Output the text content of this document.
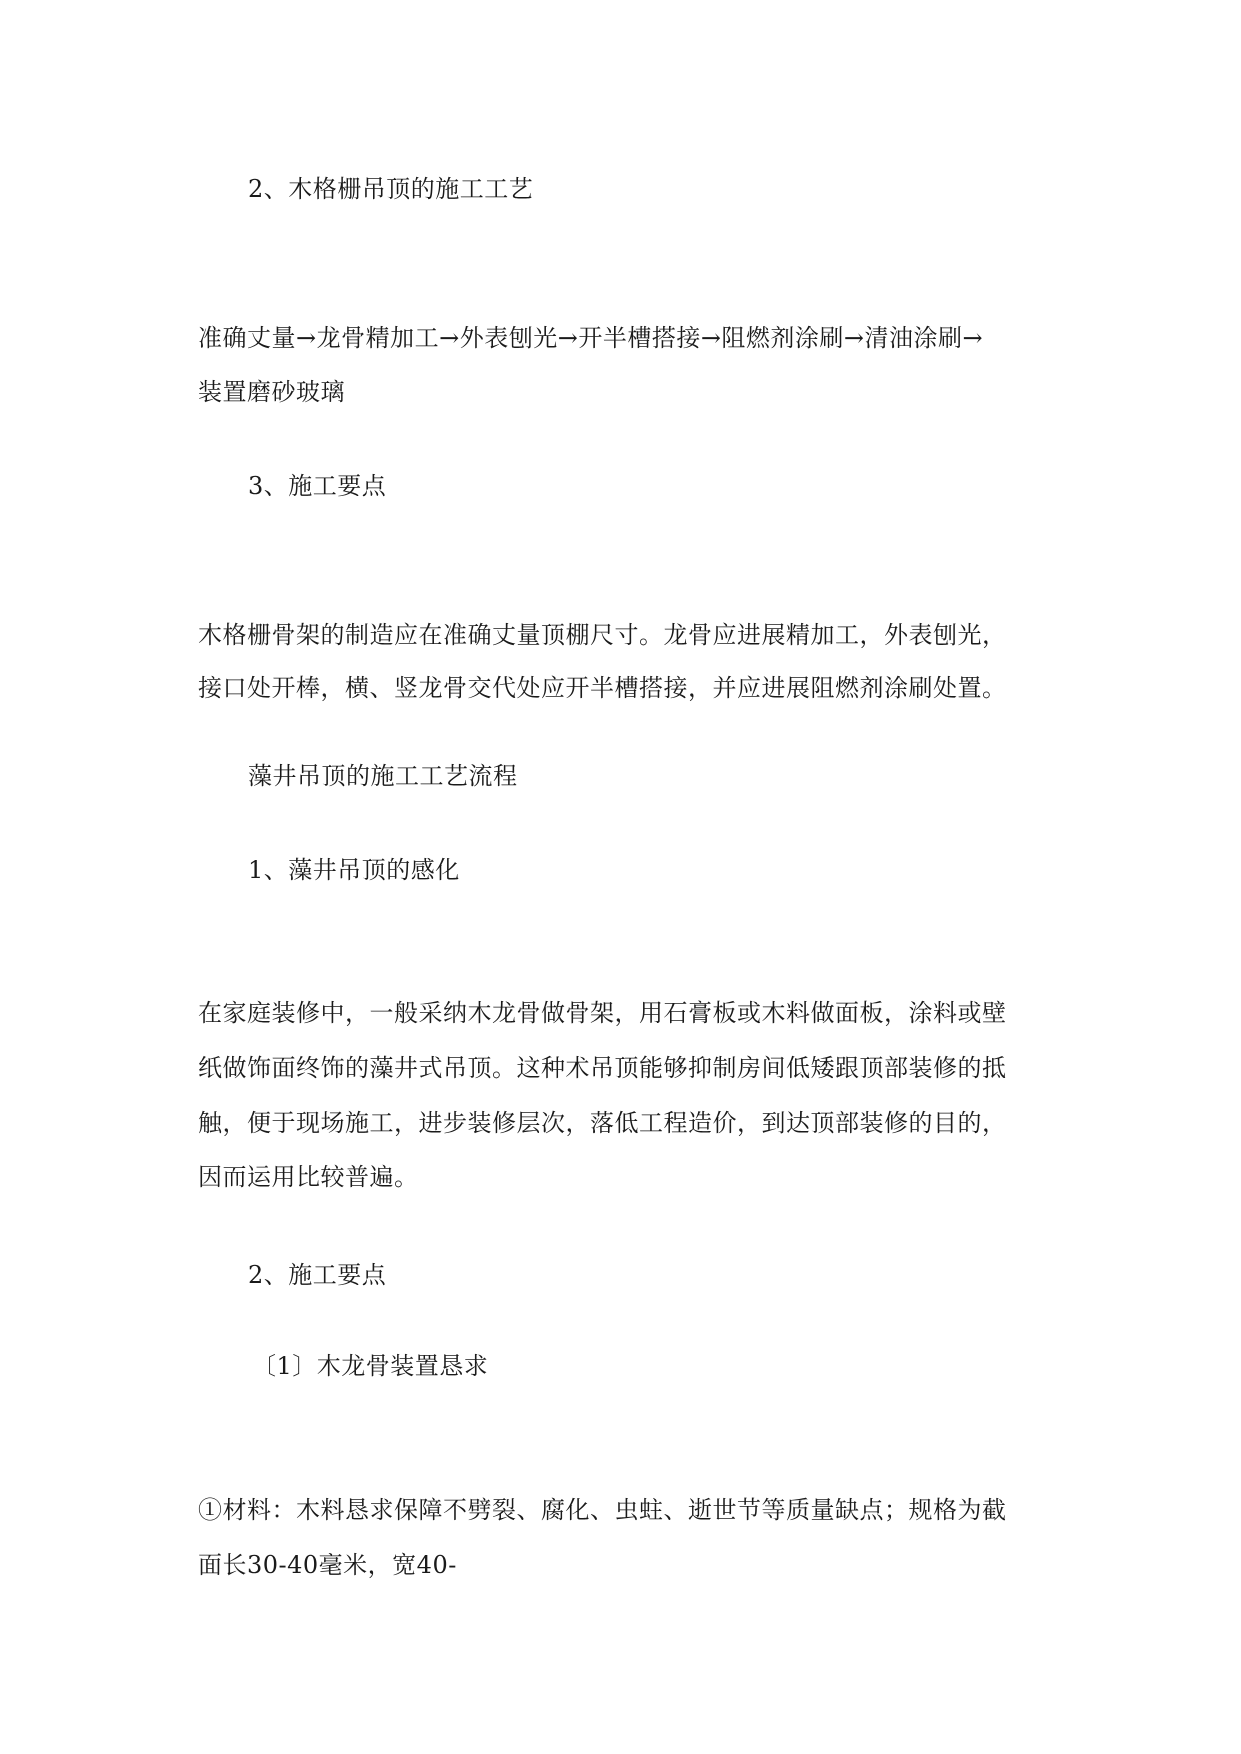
2、木格栅吊顶的施工工艺
准确丈量→龙骨精加工→外表刨光→开半槽搭接→阻燃剂涂刷→清油涂刷→
装置磨砂玻璃
3、施工要点
木格栅骨架的制造应在准确丈量顶棚尺寸。龙骨应进展精加工，外表刨光，
接口处开棒，横、竖龙骨交代处应开半槽搭接，并应进展阻燃剂涂刷处置。
藻井吊顶的施工工艺流程
1、藻井吊顶的感化
在家庭装修中，一般采纳木龙骨做骨架，用石膏板或木料做面板，涂料或壁
纸做饰面终饰的藻井式吊顶。这种术吊顶能够抑制房间低矮跟顶部装修的抵
触，便于现场施工，进步装修层次，落低工程造价，到达顶部装修的目的，
因而运用比较普遍。
2、施工要点
〔1〕木龙骨装置恳求
①材料：木料恳求保障不劈裂、腐化、虫蛀、逝世节等质量缺点；规格为截
面长30-40毫米，宽40-
